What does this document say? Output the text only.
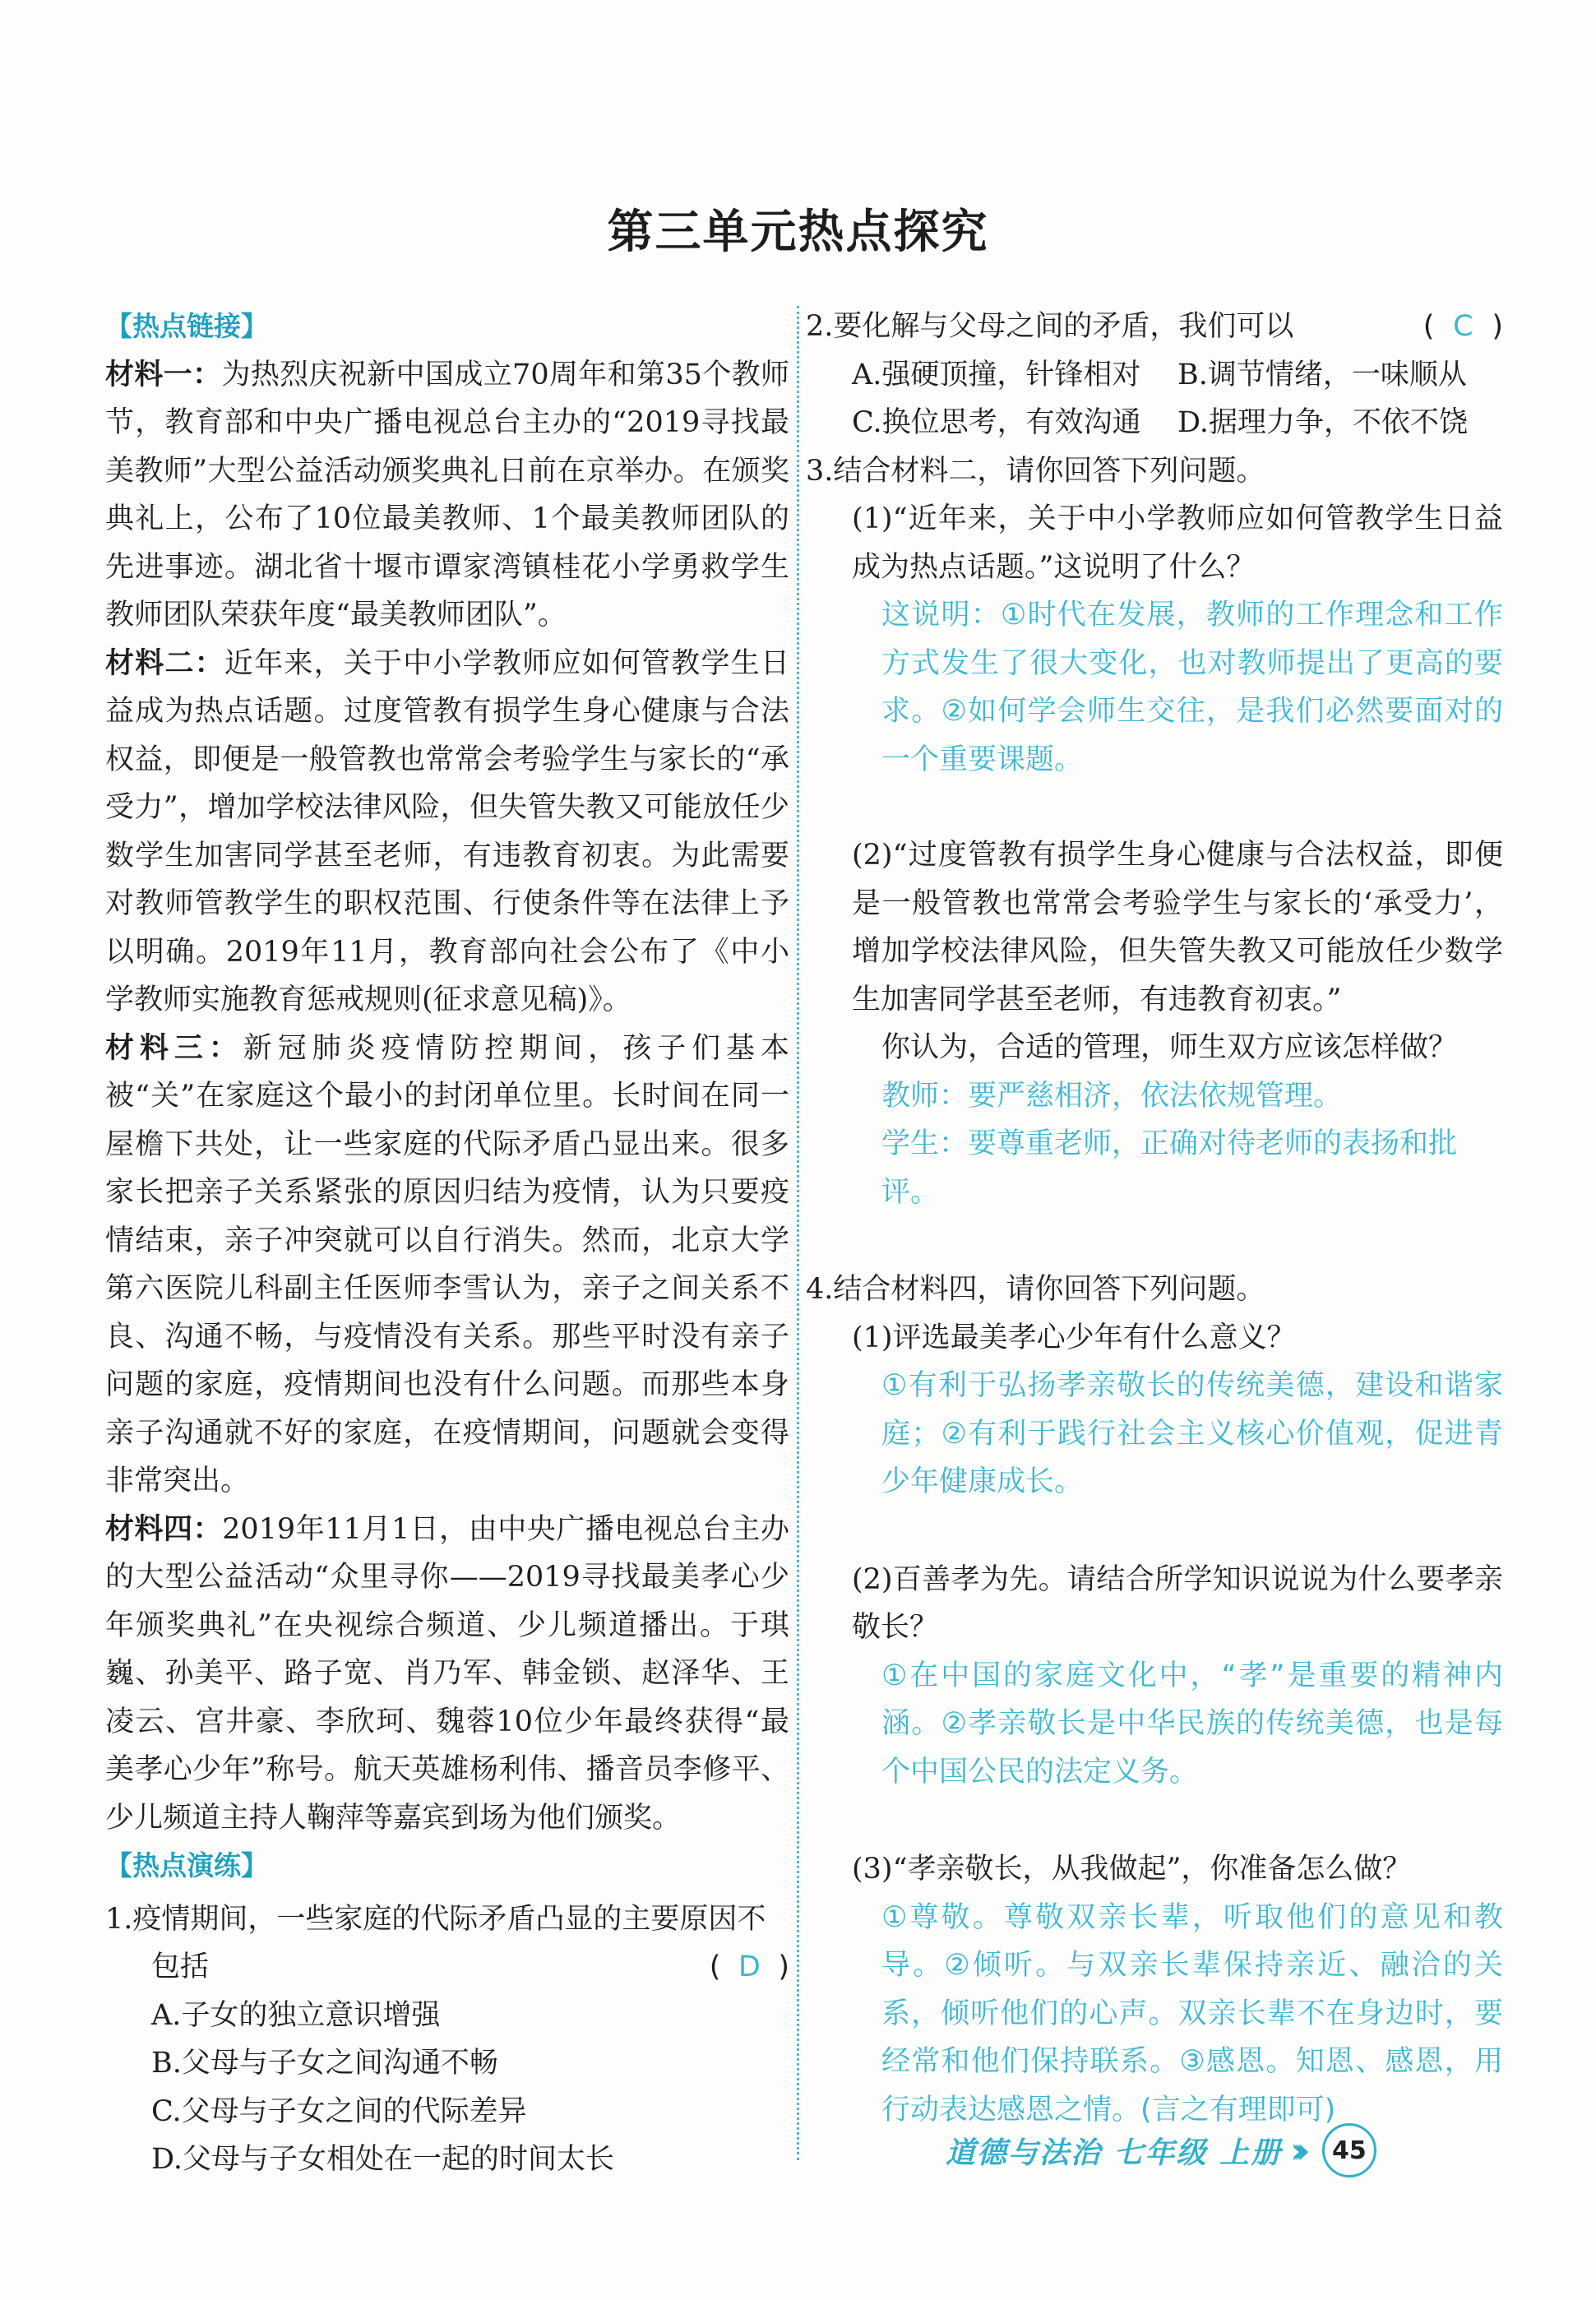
第三单元热点探究
【热点链接】
材料一：为热烈庆祝新中国成立70周年和第35个教师节，教育部和中央广播电视总台主办的“2019寻找最美教师”大型公益活动颁奖典礼日前在京举办。在颁奖典礼上，公布了10位最美教师、1个最美教师团队的先进事迹。湖北省十堰市谭家湾镇桂花小学勇救学生教师团队荣获年度“最美教师团队”。
材料二：近年来，关于中小学教师应如何管教学生日益成为热点话题。过度管教有损学生身心健康与合法权益，即便是一般管教也常常会考验学生与家长的“承受力”，增加学校法律风险，但失管失教又可能放任少数学生加害同学甚至老师，有违教育初衷。为此需要对教师管教学生的职权范围、行使条件等在法律上予以明确。2019年11月，教育部向社会公布了《中小学教师实施教育惩戒规则(征求意见稿)》。
材料三：新冠肺炎疫情防控期间，孩子们基本被“关”在家庭这个最小的封闭单位里。长时间在同一屋檐下共处，让一些家庭的代际矛盾凸显出来。很多家长把亲子关系紧张的原因归结为疫情，认为只要疫情结束，亲子冲突就可以自行消失。然而，北京大学第六医院儿科副主任医师李雪认为，亲子之间关系不良、沟通不畅，与疫情没有关系。那些平时没有亲子问题的家庭，疫情期间也没有什么问题。而那些本身亲子沟通就不好的家庭，在疫情期间，问题就会变得非常突出。
材料四：2019年11月1日，由中央广播电视总台主办的大型公益活动“众里寻你——2019寻找最美孝心少年颁奖典礼”在央视综合频道、少儿频道播出。于琪巍、孙美平、路子宽、肖乃军、韩金锁、赵泽华、王凌云、宫井豪、李欣珂、魏蓉10位少年最终获得“最美孝心少年”称号。航天英雄杨利伟、播音员李修平、少儿频道主持人鞠萍等嘉宾到场为他们颁奖。
【热点演练】
1.疫情期间，一些家庭的代际矛盾凸显的主要原因不
包括	( D )
A.子女的独立意识增强
B.父母与子女之间沟通不畅
C.父母与子女之间的代际差异
D.父母与子女相处在一起的时间太长
2.要化解与父母之间的矛盾，我们可以	( C )
A.强硬顶撞，针锋相对	B.调节情绪，一味顺从
C.换位思考，有效沟通	D.据理力争，不依不饶
3.结合材料二，请你回答下列问题。
(1)“近年来，关于中小学教师应如何管教学生日益成为热点话题。”这说明了什么？
这说明：①时代在发展，教师的工作理念和工作方式发生了很大变化，也对教师提出了更高的要求。②如何学会师生交往，是我们必然要面对的一个重要课题。
(2)“过度管教有损学生身心健康与合法权益，即便是一般管教也常常会考验学生与家长的‘承受力’，增加学校法律风险，但失管失教又可能放任少数学生加害同学甚至老师，有违教育初衷。”
你认为，合适的管理，师生双方应该怎样做？
教师：要严慈相济，依法依规管理。
学生：要尊重老师，正确对待老师的表扬和批评。
4.结合材料四，请你回答下列问题。
(1)评选最美孝心少年有什么意义？
①有利于弘扬孝亲敬长的传统美德，建设和谐家庭；②有利于践行社会主义核心价值观，促进青少年健康成长。
(2)百善孝为先。请结合所学知识说说为什么要孝亲敬长？
①在中国的家庭文化中，“孝”是重要的精神内涵。②孝亲敬长是中华民族的传统美德，也是每个中国公民的法定义务。
(3)“孝亲敬长，从我做起”，你准备怎么做？
①尊敬。尊敬双亲长辈，听取他们的意见和教导。②倾听。与双亲长辈保持亲近、融洽的关系，倾听他们的心声。双亲长辈不在身边时，要经常和他们保持联系。③感恩。知恩、感恩，用行动表达感恩之情。(言之有理即可)
道德与法治 七年级 上册 ››› 45
